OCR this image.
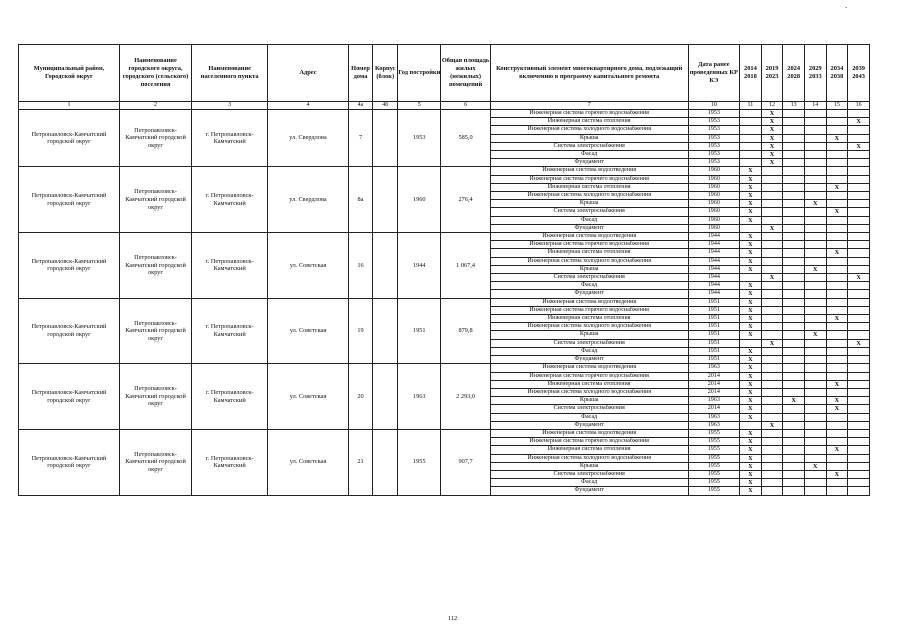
-
Муниципальный район, Городской округ	Наименование городского округа, городского (сельского) поселения	Наименование населенного пункта	Адрес	Номер дома	Корпус (блок)	Год постройки	Общая площадь жилых (нежилых) помещений	Конструктивный элемент многоквартирного дома, подлежащий включению в программу капитального ремонта	Дата ранее проведенных КР КЭ	2014 2018	2019 2023	2024 2028	2029 2033	2034 2038	2039 2043
1	2	3	4	4а	4б	5	6	7	10	11	12	13	14	15	16
Петропавловск-Камчатский городской округ	Петропавловск-Камчатский городской округ	г. Петропавловск-Камчатский	ул. Свердлова	7		1953	585,0	Инженерная система горячего водоснабжения	1953		X				
								Инженерная система отопления	1953		X				X
								Инженерная система холодного водоснабжения	1953		X				
								Крыша	1953		X			X	
								Система электроснабжения	1953		X				X
								Фасад	1953		X				
								Фундамент	1953		X				
Петропавловск-Камчатский городской округ	Петропавловск-Камчатский городской округ	г. Петропавловск-Камчатский	ул. Свердлова	8а		1960	276,4	Инженерная система водоотведения	1960	X					
								Инженерная система горячего водоснабжения	1960	X					
								Инженерная система отопления	1960	X				X	
								Инженерная система холодного водоснабжения	1960	X					
								Крыша	1960	X			X		
								Система электроснабжения	1960	X				X	
								Фасад	1960	X					
								Фундамент	1960		X				
Петропавловск-Камчатский городской округ	Петропавловск-Камчатский городской округ	г. Петропавловск-Камчатский	ул. Советская	16		1944	1 067,4	Инженерная система водоотведения	1944	X					
								Инженерная система горячего водоснабжения	1944	X					
								Инженерная система отопления	1944	X				X	
								Инженерная система холодного водоснабжения	1944	X					
								Крыша	1944	X			X		
								Система электроснабжения	1944		X				X
								Фасад	1944	X					
								Фундамент	1944	X					
Петропавловск-Камчатский городской округ	Петропавловск-Камчатский городской округ	г. Петропавловск-Камчатский	ул. Советская	19		1951	879,8	Инженерная система водоотведения	1951	X					
								Инженерная система горячего водоснабжения	1951	X					
								Инженерная система отопления	1951	X				X	
								Инженерная система холодного водоснабжения	1951	X					
								Крыша	1951	X			X		
								Система электроснабжения	1951		X				X
								Фасад	1951	X					
								Фундамент	1951	X					
Петропавловск-Камчатский городской округ	Петропавловск-Камчатский городской округ	г. Петропавловск-Камчатский	ул. Советская	20		1963	2 293,0	Инженерная система водоотведения	1963	X					
								Инженерная система горячего водоснабжения	2014	X					
								Инженерная система отопления	2014	X				X	
								Инженерная система холодного водоснабжения	2014	X					
								Крыша	1963	X		X		X	
								Система электроснабжения	2014	X				X	
								Фасад	1963	X					
								Фундамент	1963		X				
Петропавловск-Камчатский городской округ	Петропавловск-Камчатский городской округ	г. Петропавловск-Камчатский	ул. Советская	21		1955	907,7	Инженерная система водоотведения	1955	X					
								Инженерная система горячего водоснабжения	1955	X					
								Инженерная система отопления	1955	X				X	
								Инженерная система холодного водоснабжения	1955	X					
								Крыша	1955	X			X		
								Система электроснабжения	1955	X				X	
								Фасад	1955	X					
								Фундамент	1955	X					
112
